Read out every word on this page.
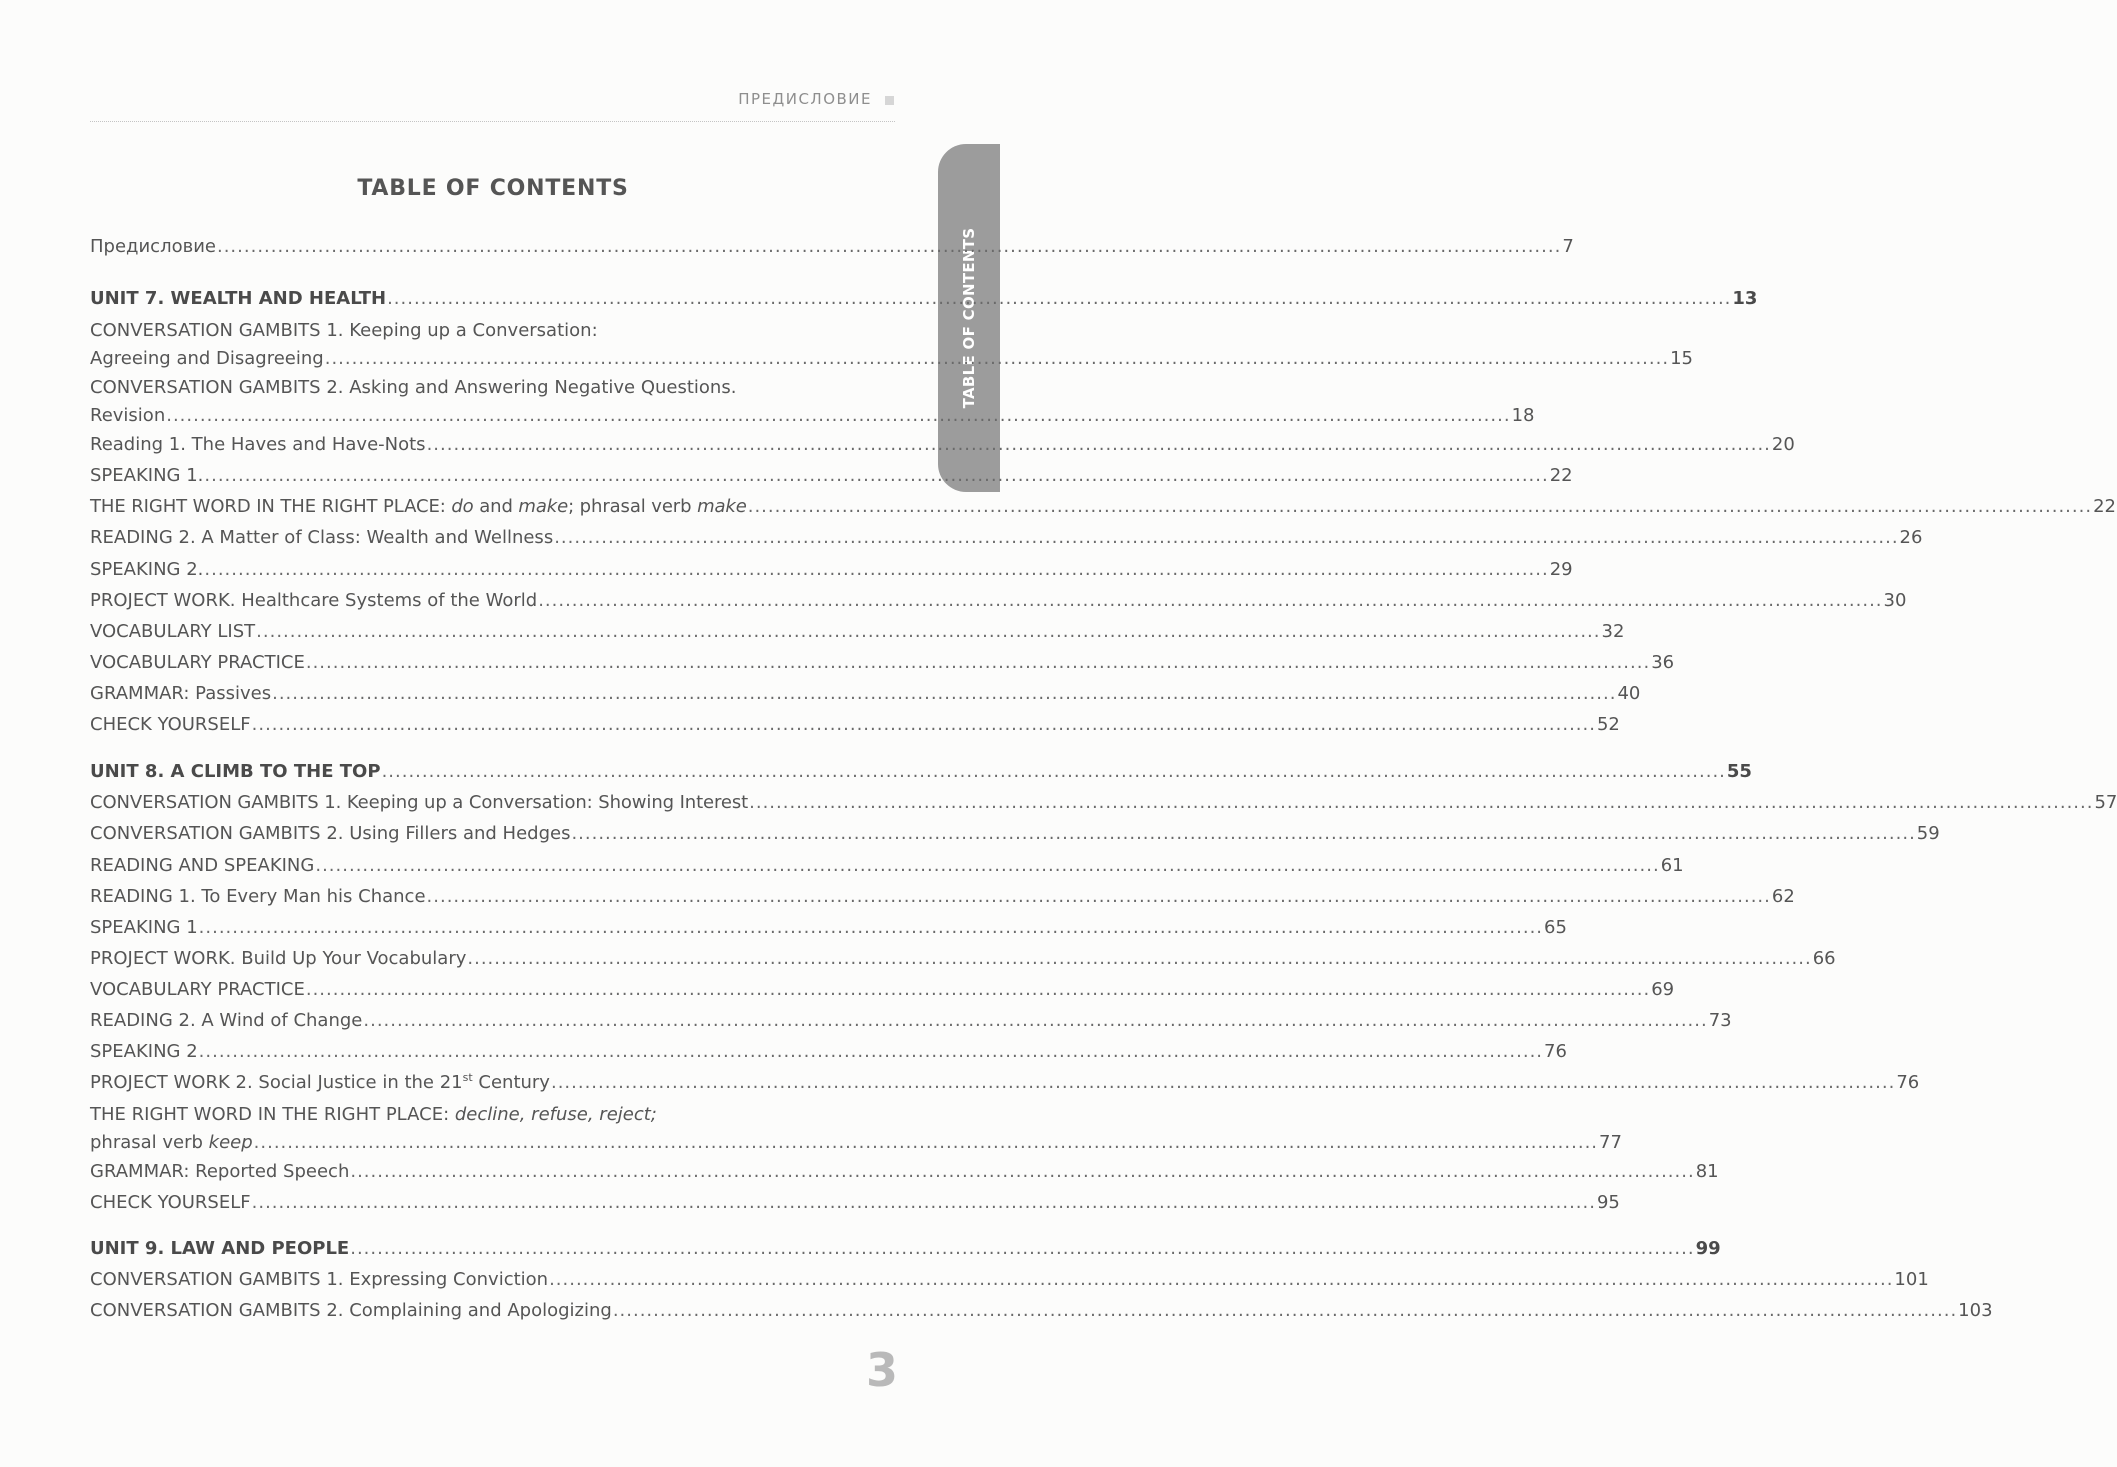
ПРЕДИСЛОВИЕ
TABLE OF CONTENTS
TABLE OF CONTENTS
Предисловие ........................................................................................................................................................................................................ 7
UNIT 7. WEALTH AND HEALTH ........................................................................................................................................................................................................ 13
CONVERSATION GAMBITS 1. Keeping up a Conversation:
Agreeing and Disagreeing ........................................................................................................................................................................................................ 15
CONVERSATION GAMBITS 2. Asking and Answering Negative Questions.
Revision ........................................................................................................................................................................................................ 18
Reading 1. The Haves and Have-Nots ........................................................................................................................................................................................................ 20
SPEAKING 1. ........................................................................................................................................................................................................ 22
THE RIGHT WORD IN THE RIGHT PLACE: do and make; phrasal verb make ........................................................................................................................................................................................................ 22
READING 2. A Matter of Class: Wealth and Wellness ........................................................................................................................................................................................................ 26
SPEAKING 2. ........................................................................................................................................................................................................ 29
PROJECT WORK. Healthcare Systems of the World ........................................................................................................................................................................................................ 30
VOCABULARY LIST ........................................................................................................................................................................................................ 32
VOCABULARY PRACTICE ........................................................................................................................................................................................................ 36
GRAMMAR: Passives ........................................................................................................................................................................................................ 40
CHECK YOURSELF ........................................................................................................................................................................................................ 52
UNIT 8. A CLIMB TO THE TOP ........................................................................................................................................................................................................ 55
CONVERSATION GAMBITS 1. Keeping up a Conversation: Showing Interest ........................................................................................................................................................................................................ 57
CONVERSATION GAMBITS 2. Using Fillers and Hedges ........................................................................................................................................................................................................ 59
READING AND SPEAKING ........................................................................................................................................................................................................ 61
READING 1. To Every Man his Chance ........................................................................................................................................................................................................ 62
SPEAKING 1 ........................................................................................................................................................................................................ 65
PROJECT WORK. Build Up Your Vocabulary ........................................................................................................................................................................................................ 66
VOCABULARY PRACTICE ........................................................................................................................................................................................................ 69
READING 2. A Wind of Change ........................................................................................................................................................................................................ 73
SPEAKING 2 ........................................................................................................................................................................................................ 76
PROJECT WORK 2. Social Justice in the 21st Century ........................................................................................................................................................................................................ 76
THE RIGHT WORD IN THE RIGHT PLACE: decline, refuse, reject;
phrasal verb keep ........................................................................................................................................................................................................ 77
GRAMMAR: Reported Speech ........................................................................................................................................................................................................ 81
CHECK YOURSELF ........................................................................................................................................................................................................ 95
UNIT 9. LAW AND PEOPLE ........................................................................................................................................................................................................ 99
CONVERSATION GAMBITS 1. Expressing Conviction ........................................................................................................................................................................................................ 101
CONVERSATION GAMBITS 2. Complaining and Apologizing ........................................................................................................................................................................................................ 103
3
